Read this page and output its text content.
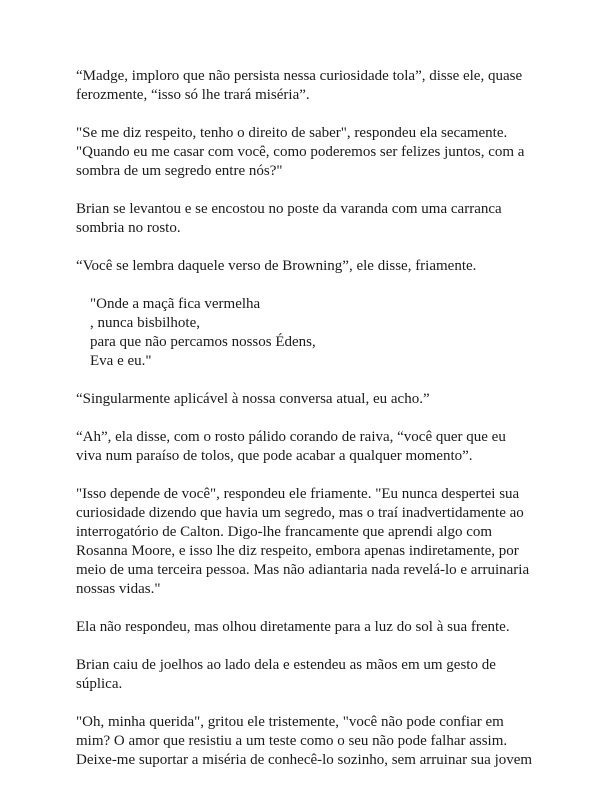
“Madge, imploro que não persista nessa curiosidade tola”, disse ele, quase
ferozmente, “isso só lhe trará miséria”.

"Se me diz respeito, tenho o direito de saber", respondeu ela secamente.
"Quando eu me casar com você, como poderemos ser felizes juntos, com a
sombra de um segredo entre nós?"

Brian se levantou e se encostou no poste da varanda com uma carranca
sombria no rosto.

“Você se lembra daquele verso de Browning”, ele disse, friamente.

"Onde a maçã fica vermelha
, nunca bisbilhote,
para que não percamos nossos Édens,
Eva e eu."

“Singularmente aplicável à nossa conversa atual, eu acho.”

“Ah”, ela disse, com o rosto pálido corando de raiva, “você quer que eu
viva num paraíso de tolos, que pode acabar a qualquer momento”.

"Isso depende de você", respondeu ele friamente. "Eu nunca despertei sua
curiosidade dizendo que havia um segredo, mas o traí inadvertidamente ao
interrogatório de Calton. Digo-lhe francamente que aprendi algo com
Rosanna Moore, e isso lhe diz respeito, embora apenas indiretamente, por
meio de uma terceira pessoa. Mas não adiantaria nada revelá-lo e arruinaria
nossas vidas."

Ela não respondeu, mas olhou diretamente para a luz do sol à sua frente.

Brian caiu de joelhos ao lado dela e estendeu as mãos em um gesto de
súplica.

"Oh, minha querida", gritou ele tristemente, "você não pode confiar em
mim? O amor que resistiu a um teste como o seu não pode falhar assim.
Deixe-me suportar a miséria de conhecê-lo sozinho, sem arruinar sua jovem
